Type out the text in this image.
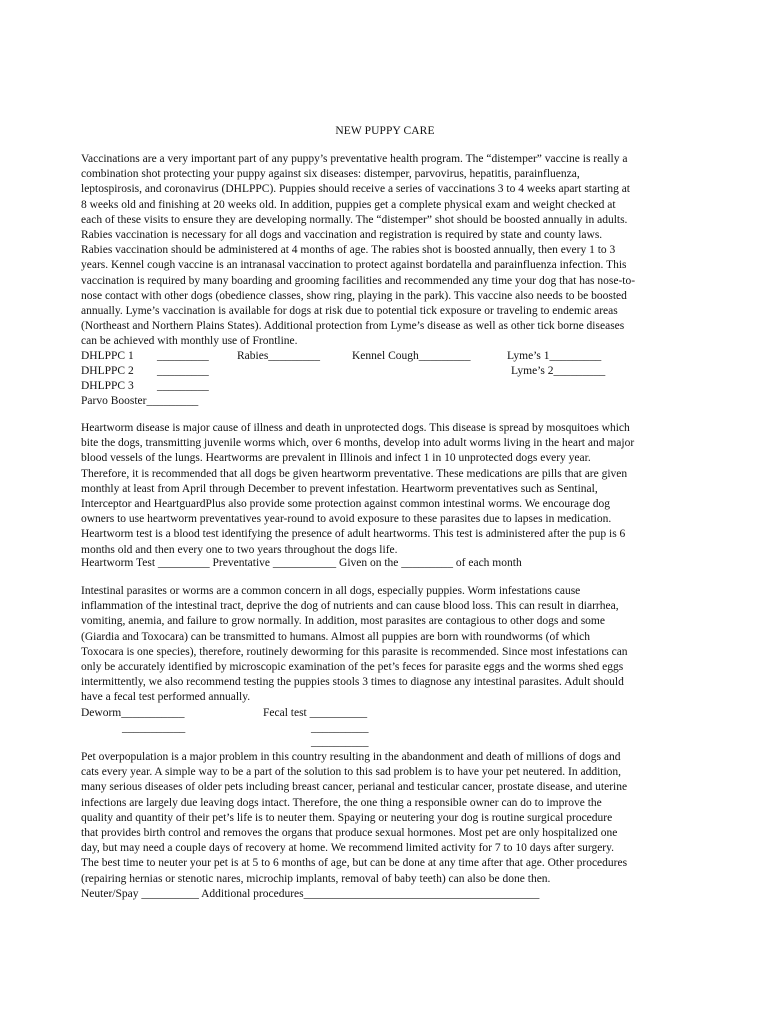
NEW PUPPY CARE
Vaccinations are a very important part of any puppy’s preventative health program. The “distemper” vaccine is really a
combination shot protecting your puppy against six diseases: distemper, parvovirus, hepatitis, parainfluenza,
leptospirosis, and coronavirus (DHLPPC). Puppies should receive a series of vaccinations 3 to 4 weeks apart starting at
8 weeks old and finishing at 20 weeks old. In addition, puppies get a complete physical exam and weight checked at
each of these visits to ensure they are developing normally. The “distemper” shot should be boosted annually in adults.
Rabies vaccination is necessary for all dogs and vaccination and registration is required by state and county laws.
Rabies vaccination should be administered at 4 months of age. The rabies shot is boosted annually, then every 1 to 3
years. Kennel cough vaccine is an intranasal vaccination to protect against bordatella and parainfluenza infection. This
vaccination is required by many boarding and grooming facilities and recommended any time your dog that has nose-to-
nose contact with other dogs (obedience classes, show ring, playing in the park). This vaccine also needs to be boosted
annually. Lyme’s vaccination is available for dogs at risk due to potential tick exposure or traveling to endemic areas
(Northeast and Northern Plains States). Additional protection from Lyme’s disease as well as other tick borne diseases
can be achieved with monthly use of Frontline.
DHLPPC 1 _________ Rabies_________	Kennel Cough_________	Lyme’s 1_________
DHLPPC 2 _________	Lyme’s 2_________
DHLPPC 3 _________
Parvo Booster_________
Heartworm disease is major cause of illness and death in unprotected dogs. This disease is spread by mosquitoes which
bite the dogs, transmitting juvenile worms which, over 6 months, develop into adult worms living in the heart and major
blood vessels of the lungs. Heartworms are prevalent in Illinois and infect 1 in 10 unprotected dogs every year.
Therefore, it is recommended that all dogs be given heartworm preventative. These medications are pills that are given
monthly at least from April through December to prevent infestation. Heartworm preventatives such as Sentinal,
Interceptor and HeartguardPlus also provide some protection against common intestinal worms. We encourage dog
owners to use heartworm preventatives year-round to avoid exposure to these parasites due to lapses in medication.
Heartworm test is a blood test identifying the presence of adult heartworms. This test is administered after the pup is 6
months old and then every one to two years throughout the dogs life.
Heartworm Test _________ Preventative ___________ Given on the _________ of each month
Intestinal parasites or worms are a common concern in all dogs, especially puppies. Worm infestations cause
inflammation of the intestinal tract, deprive the dog of nutrients and can cause blood loss. This can result in diarrhea,
vomiting, anemia, and failure to grow normally. In addition, most parasites are contagious to other dogs and some
(Giardia and Toxocara) can be transmitted to humans. Almost all puppies are born with roundworms (of which
Toxocara is one species), therefore, routinely deworming for this parasite is recommended. Since most infestations can
only be accurately identified by microscopic examination of the pet’s feces for parasite eggs and the worms shed eggs
intermittently, we also recommend testing the puppies stools 3 times to diagnose any intestinal parasites. Adult should
have a fecal test performed annually.
Deworm___________	Fecal test __________
___________	__________
__________
Pet overpopulation is a major problem in this country resulting in the abandonment and death of millions of dogs and
cats every year. A simple way to be a part of the solution to this sad problem is to have your pet neutered. In addition,
many serious diseases of older pets including breast cancer, perianal and testicular cancer, prostate disease, and uterine
infections are largely due leaving dogs intact. Therefore, the one thing a responsible owner can do to improve the
quality and quantity of their pet’s life is to neuter them. Spaying or neutering your dog is routine surgical procedure
that provides birth control and removes the organs that produce sexual hormones. Most pet are only hospitalized one
day, but may need a couple days of recovery at home. We recommend limited activity for 7 to 10 days after surgery.
The best time to neuter your pet is at 5 to 6 months of age, but can be done at any time after that age. Other procedures
(repairing hernias or stenotic nares, microchip implants, removal of baby teeth) can also be done then.
Neuter/Spay __________ Additional procedures_________________________________________
